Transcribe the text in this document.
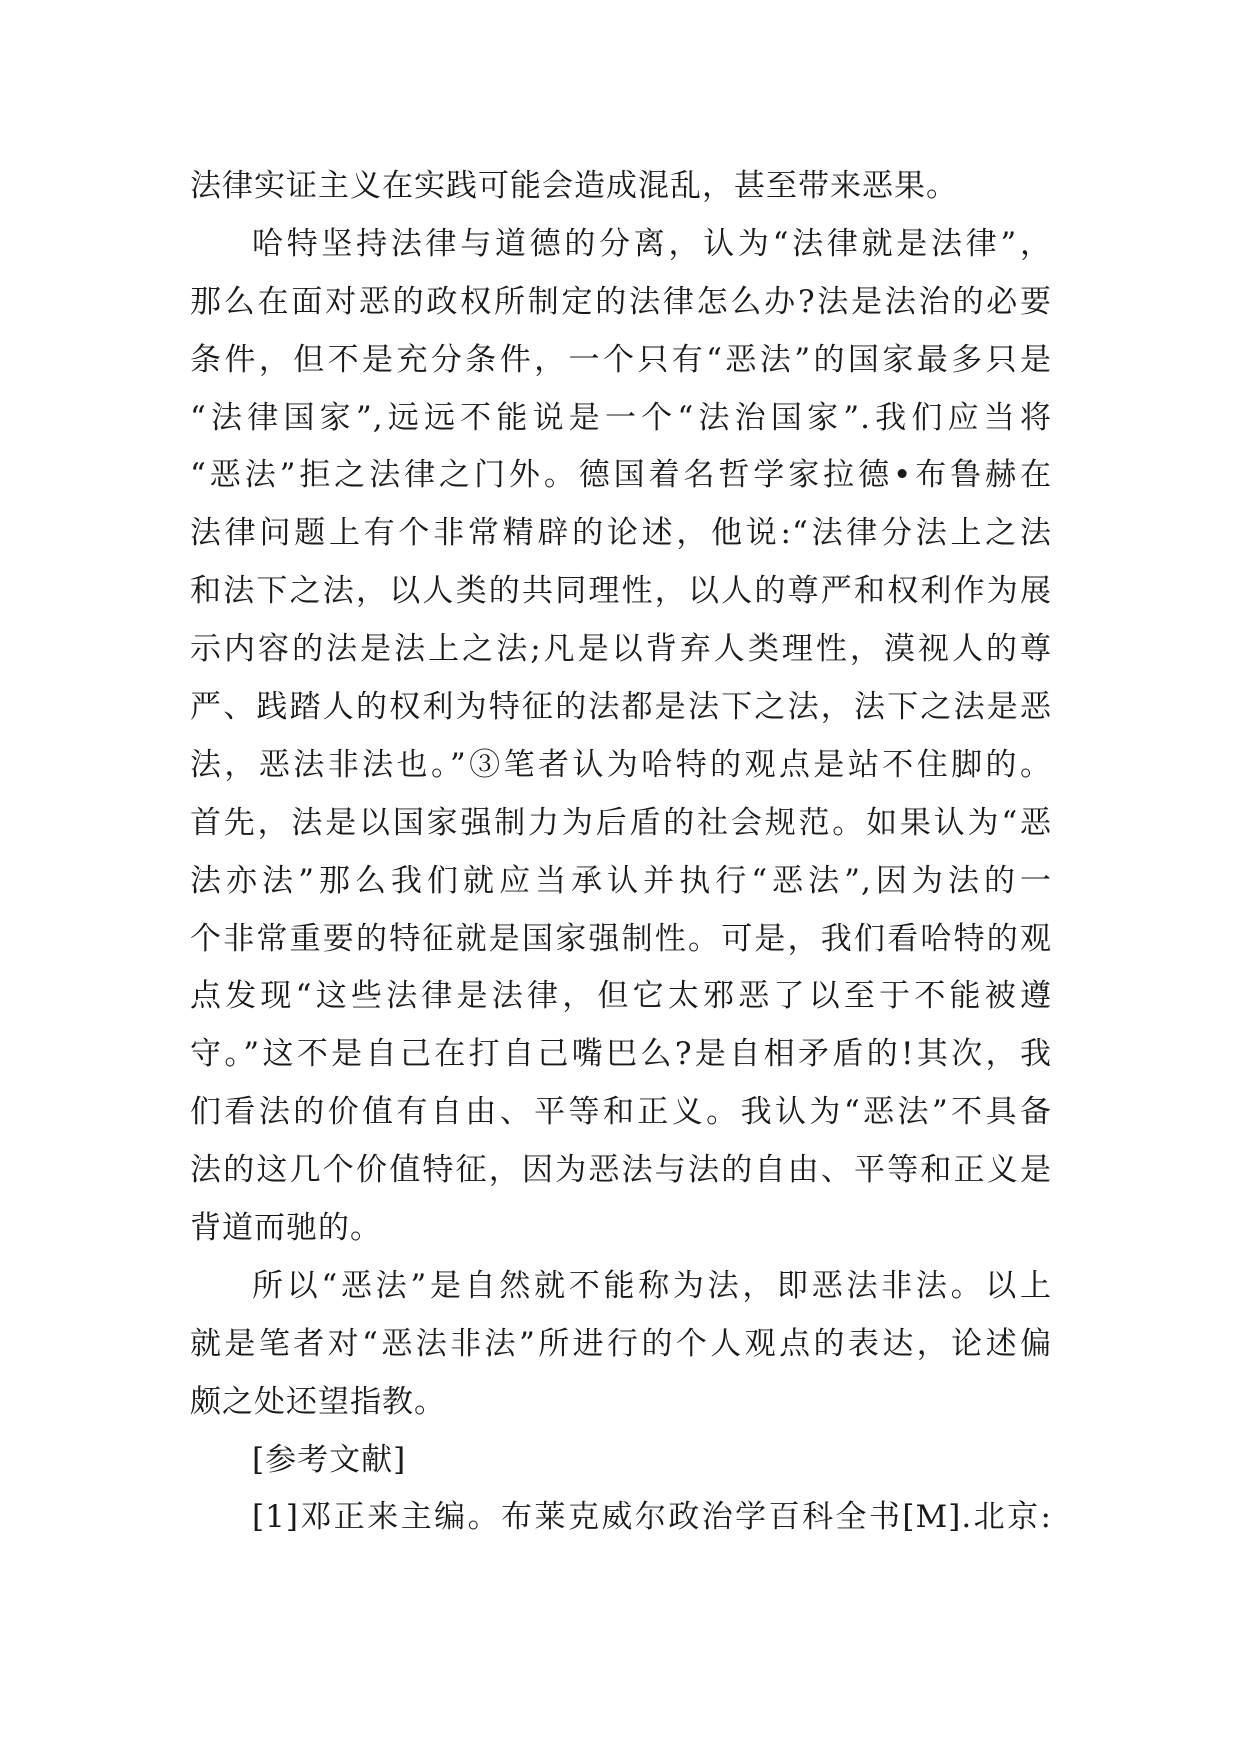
法律实证主义在实践可能会造成混乱，甚至带来恶果。
哈特坚持法律与道德的分离，认为“法律就是法律”，
那么在面对恶的政权所制定的法律怎么办?法是法治的必要
条件，但不是充分条件，一个只有“恶法”的国家最多只是
“法律国家”,远远不能说是一个“法治国家”.我们应当将
“恶法”拒之法律之门外。德国着名哲学家拉德•布鲁赫在
法律问题上有个非常精辟的论述，他说:“法律分法上之法
和法下之法，以人类的共同理性，以人的尊严和权利作为展
示内容的法是法上之法;凡是以背弃人类理性，漠视人的尊
严、践踏人的权利为特征的法都是法下之法，法下之法是恶
法，恶法非法也。”③笔者认为哈特的观点是站不住脚的。
首先，法是以国家强制力为后盾的社会规范。如果认为“恶
法亦法”那么我们就应当承认并执行“恶法”,因为法的一
个非常重要的特征就是国家强制性。可是，我们看哈特的观
点发现“这些法律是法律，但它太邪恶了以至于不能被遵
守。”这不是自己在打自己嘴巴么?是自相矛盾的!其次，我
们看法的价值有自由、平等和正义。我认为“恶法”不具备
法的这几个价值特征，因为恶法与法的自由、平等和正义是
背道而驰的。
所以“恶法”是自然就不能称为法，即恶法非法。以上
就是笔者对“恶法非法”所进行的个人观点的表达，论述偏
颇之处还望指教。
[参考文献]
[1]邓正来主编。布莱克威尔政治学百科全书[M].北京:
